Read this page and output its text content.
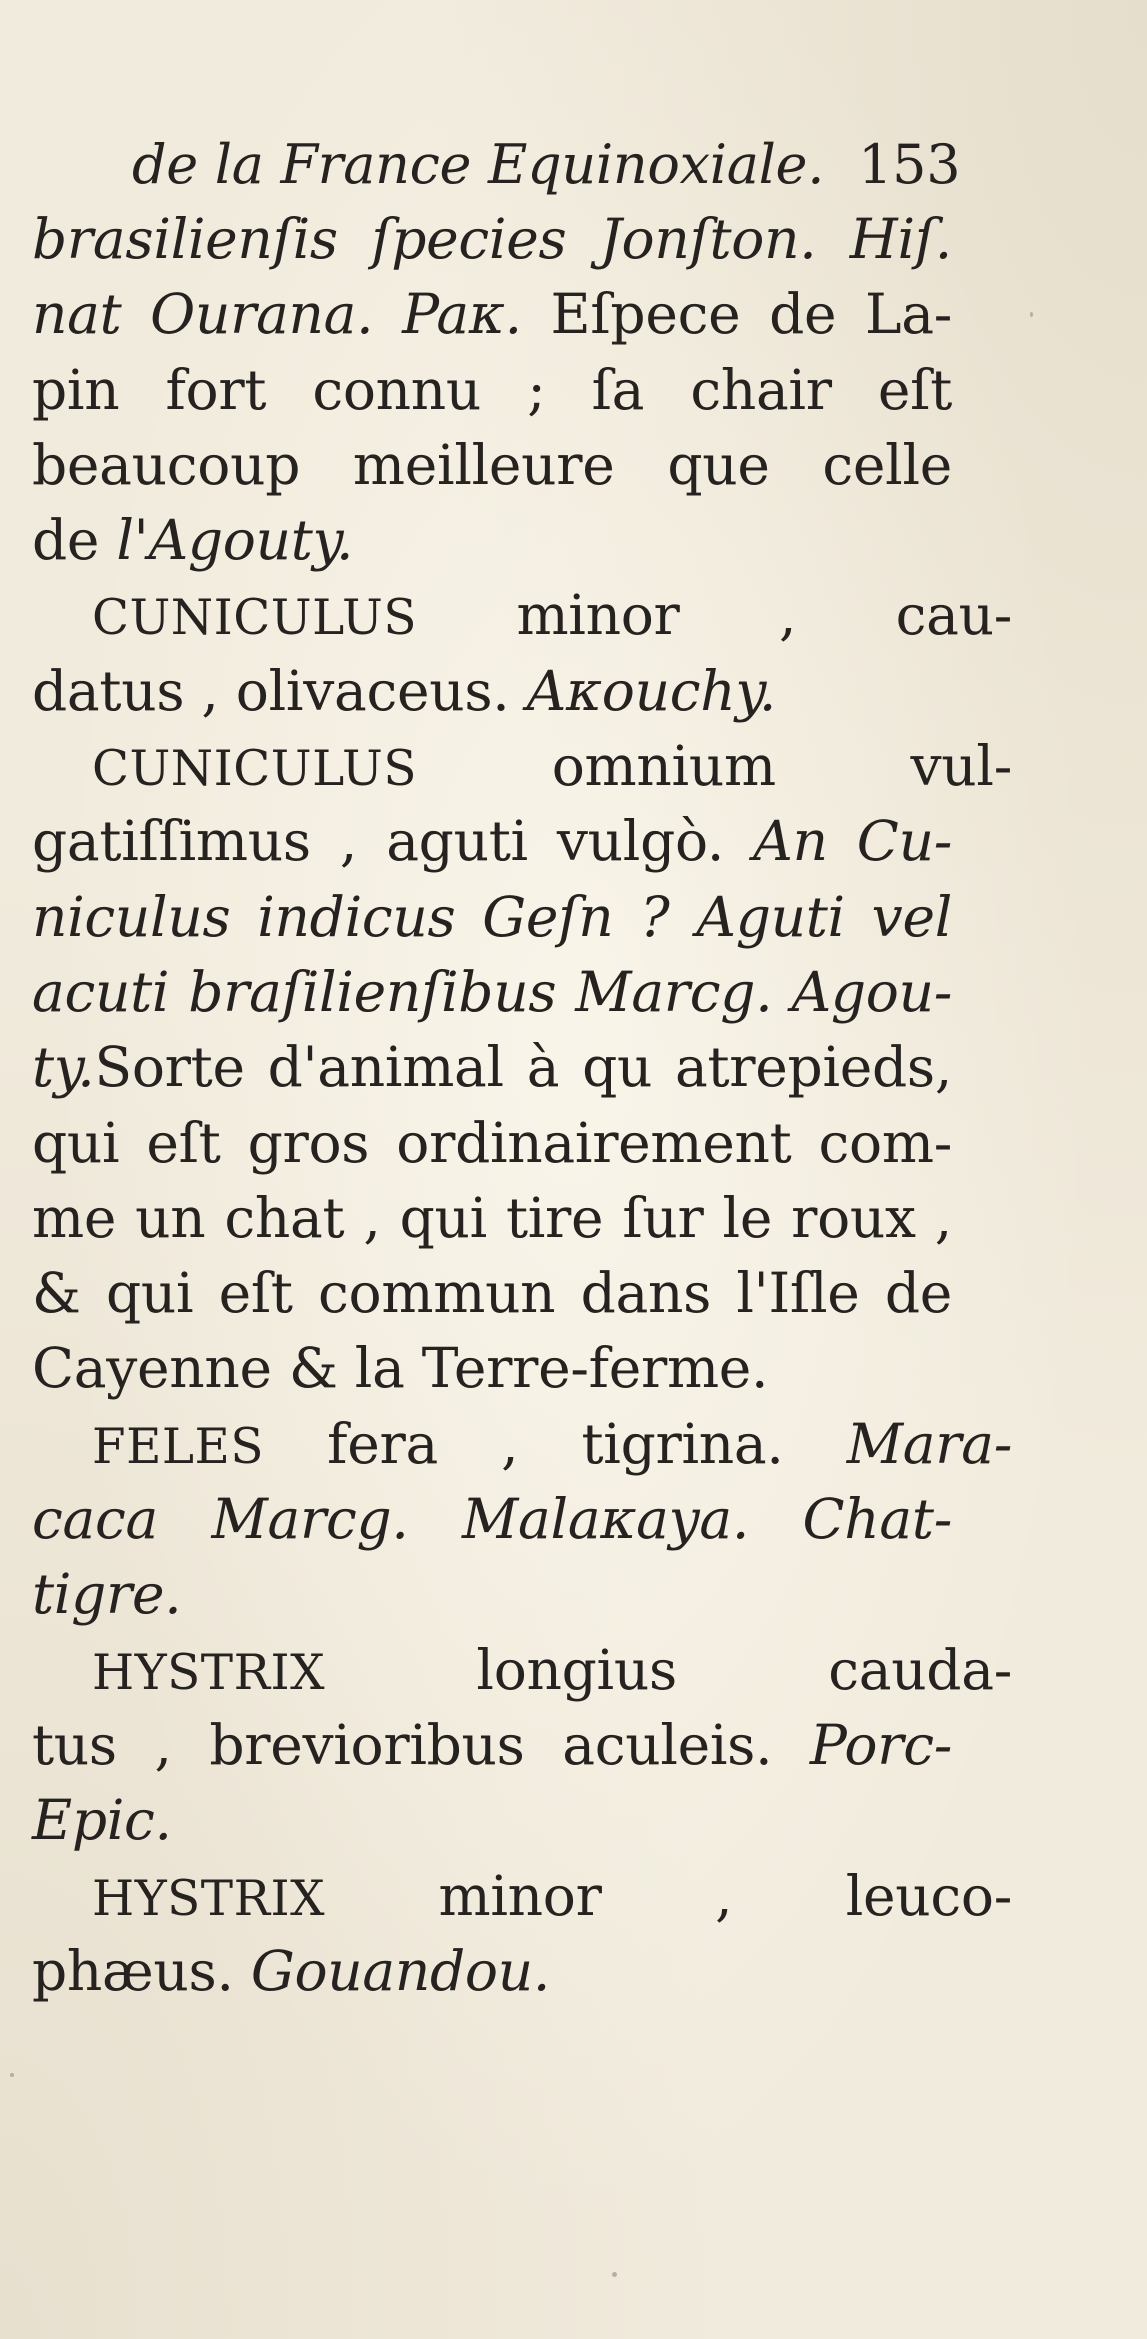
de la France Equinoxiale. 153
brasilienſis ſpecies Jonſton. Hiſ.
nat Ourana. Paκ. Eſpece de La-
pin fort connu ; ſa chair eſt
beaucoup meilleure que celle
de l'Agouty.
CUNICULUS minor , cau-
datus , olivaceus. Aκouchy.
CUNICULUS omnium vul-
gatiſſimus , aguti vulgò. An Cu-
niculus indicus Geſn ? Aguti vel
acuti braſilienſibus Marcg. Agou-
ty.Sorte d'animal à qu atrepieds,
qui eſt gros ordinairement com-
me un chat , qui tire ſur le roux ,
& qui eſt commun dans l'Iſle de
Cayenne & la Terre-ferme.
FELES fera , tigrina. Mara-
caca Marcg. Malaκaya. Chat-
tigre.
HYSTRIX longius cauda-
tus , brevioribus aculeis. Porc-
Epic.
HYSTRIX minor , leuco-
phæus. Gouandou.
